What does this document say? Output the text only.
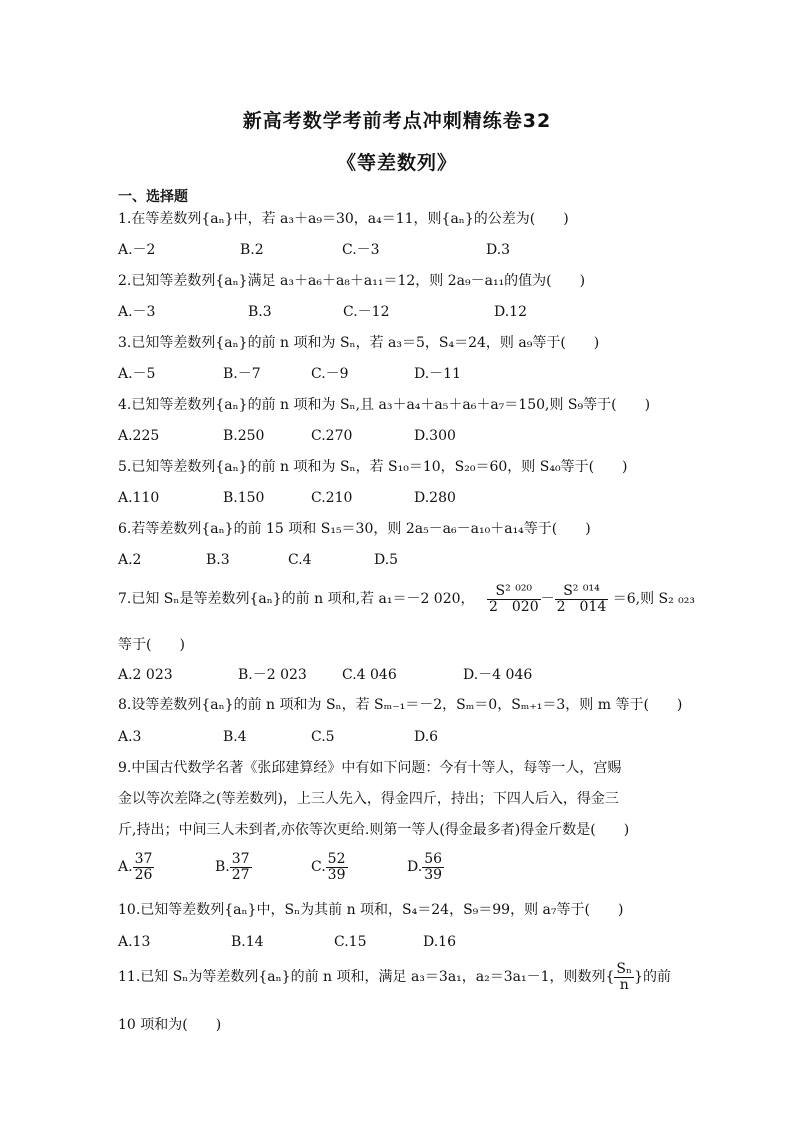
新高考数学考前考点冲刺精练卷32
《等差数列》
一、选择题
1.在等差数列{aₙ}中，若 a₃＋a₉＝30，a₄＝11，则{aₙ}的公差为(　　)
A.－2	B.2	C.－3	D.3
2.已知等差数列{aₙ}满足 a₃＋a₆＋a₈＋a₁₁＝12，则 2a₉－a₁₁的值为(　　)
A.－3	B.3	C.－12	D.12
3.已知等差数列{aₙ}的前 n 项和为 Sₙ，若 a₃＝5，S₄＝24，则 a₉等于(　　)
A.－5	B.－7	C.－9	D.－11
4.已知等差数列{aₙ}的前 n 项和为 Sₙ,且 a₃＋a₄＋a₅＋a₆＋a₇＝150,则 S₉等于(　　)
A.225	B.250	C.270	D.300
5.已知等差数列{aₙ}的前 n 项和为 Sₙ，若 S₁₀＝10，S₂₀＝60，则 S₄₀等于(　　)
A.110	B.150	C.210	D.280
6.若等差数列{aₙ}的前 15 项和 S₁₅＝30，则 2a₅－a₆－a₁₀＋a₁₄等于(　　)
A.2	B.3	C.4	D.5
7.已知 Sₙ是等差数列{aₙ}的前 n 项和,若 a₁＝－2 020， $\frac{\text{S² ⁰²⁰}}{2 020} - \frac{\text{S² ⁰¹⁴}}{2 014} =6$,则 S₂ ₀₂₃
等于(　　)
A.2 023	B.－2 023	C.4 046	D.－4 046
8.设等差数列{aₙ}的前 n 项和为 Sₙ，若 Sₘ₋₁＝－2，Sₘ＝0，Sₘ₊₁＝3，则 m 等于(　　)
A.3	B.4	C.5	D.6
9.中国古代数学名著《张邱建算经》中有如下问题：今有十等人，每等一人，宫赐
金以等次差降之(等差数列)，上三人先入，得金四斤，持出；下四人后入，得金三
斤,持出；中间三人未到者,亦依等次更给.则第一等人(得金最多者)得金斤数是(　　)
A. $\frac{37}{26}$	B. $\frac{37}{27}$	C. $\frac{52}{39}$	D. $\frac{56}{39}$
10.已知等差数列{aₙ}中，Sₙ为其前 n 项和，S₄＝24，S₉＝99，则 a₇等于(　　)
A.13	B.14	C.15	D.16
11.已知 Sₙ为等差数列{aₙ}的前 n 项和，满足 a₃＝3a₁，a₂＝3a₁－1，则数列{ $\frac{\text{Sₙ}}{n}$ }的前
10 项和为(　　)
